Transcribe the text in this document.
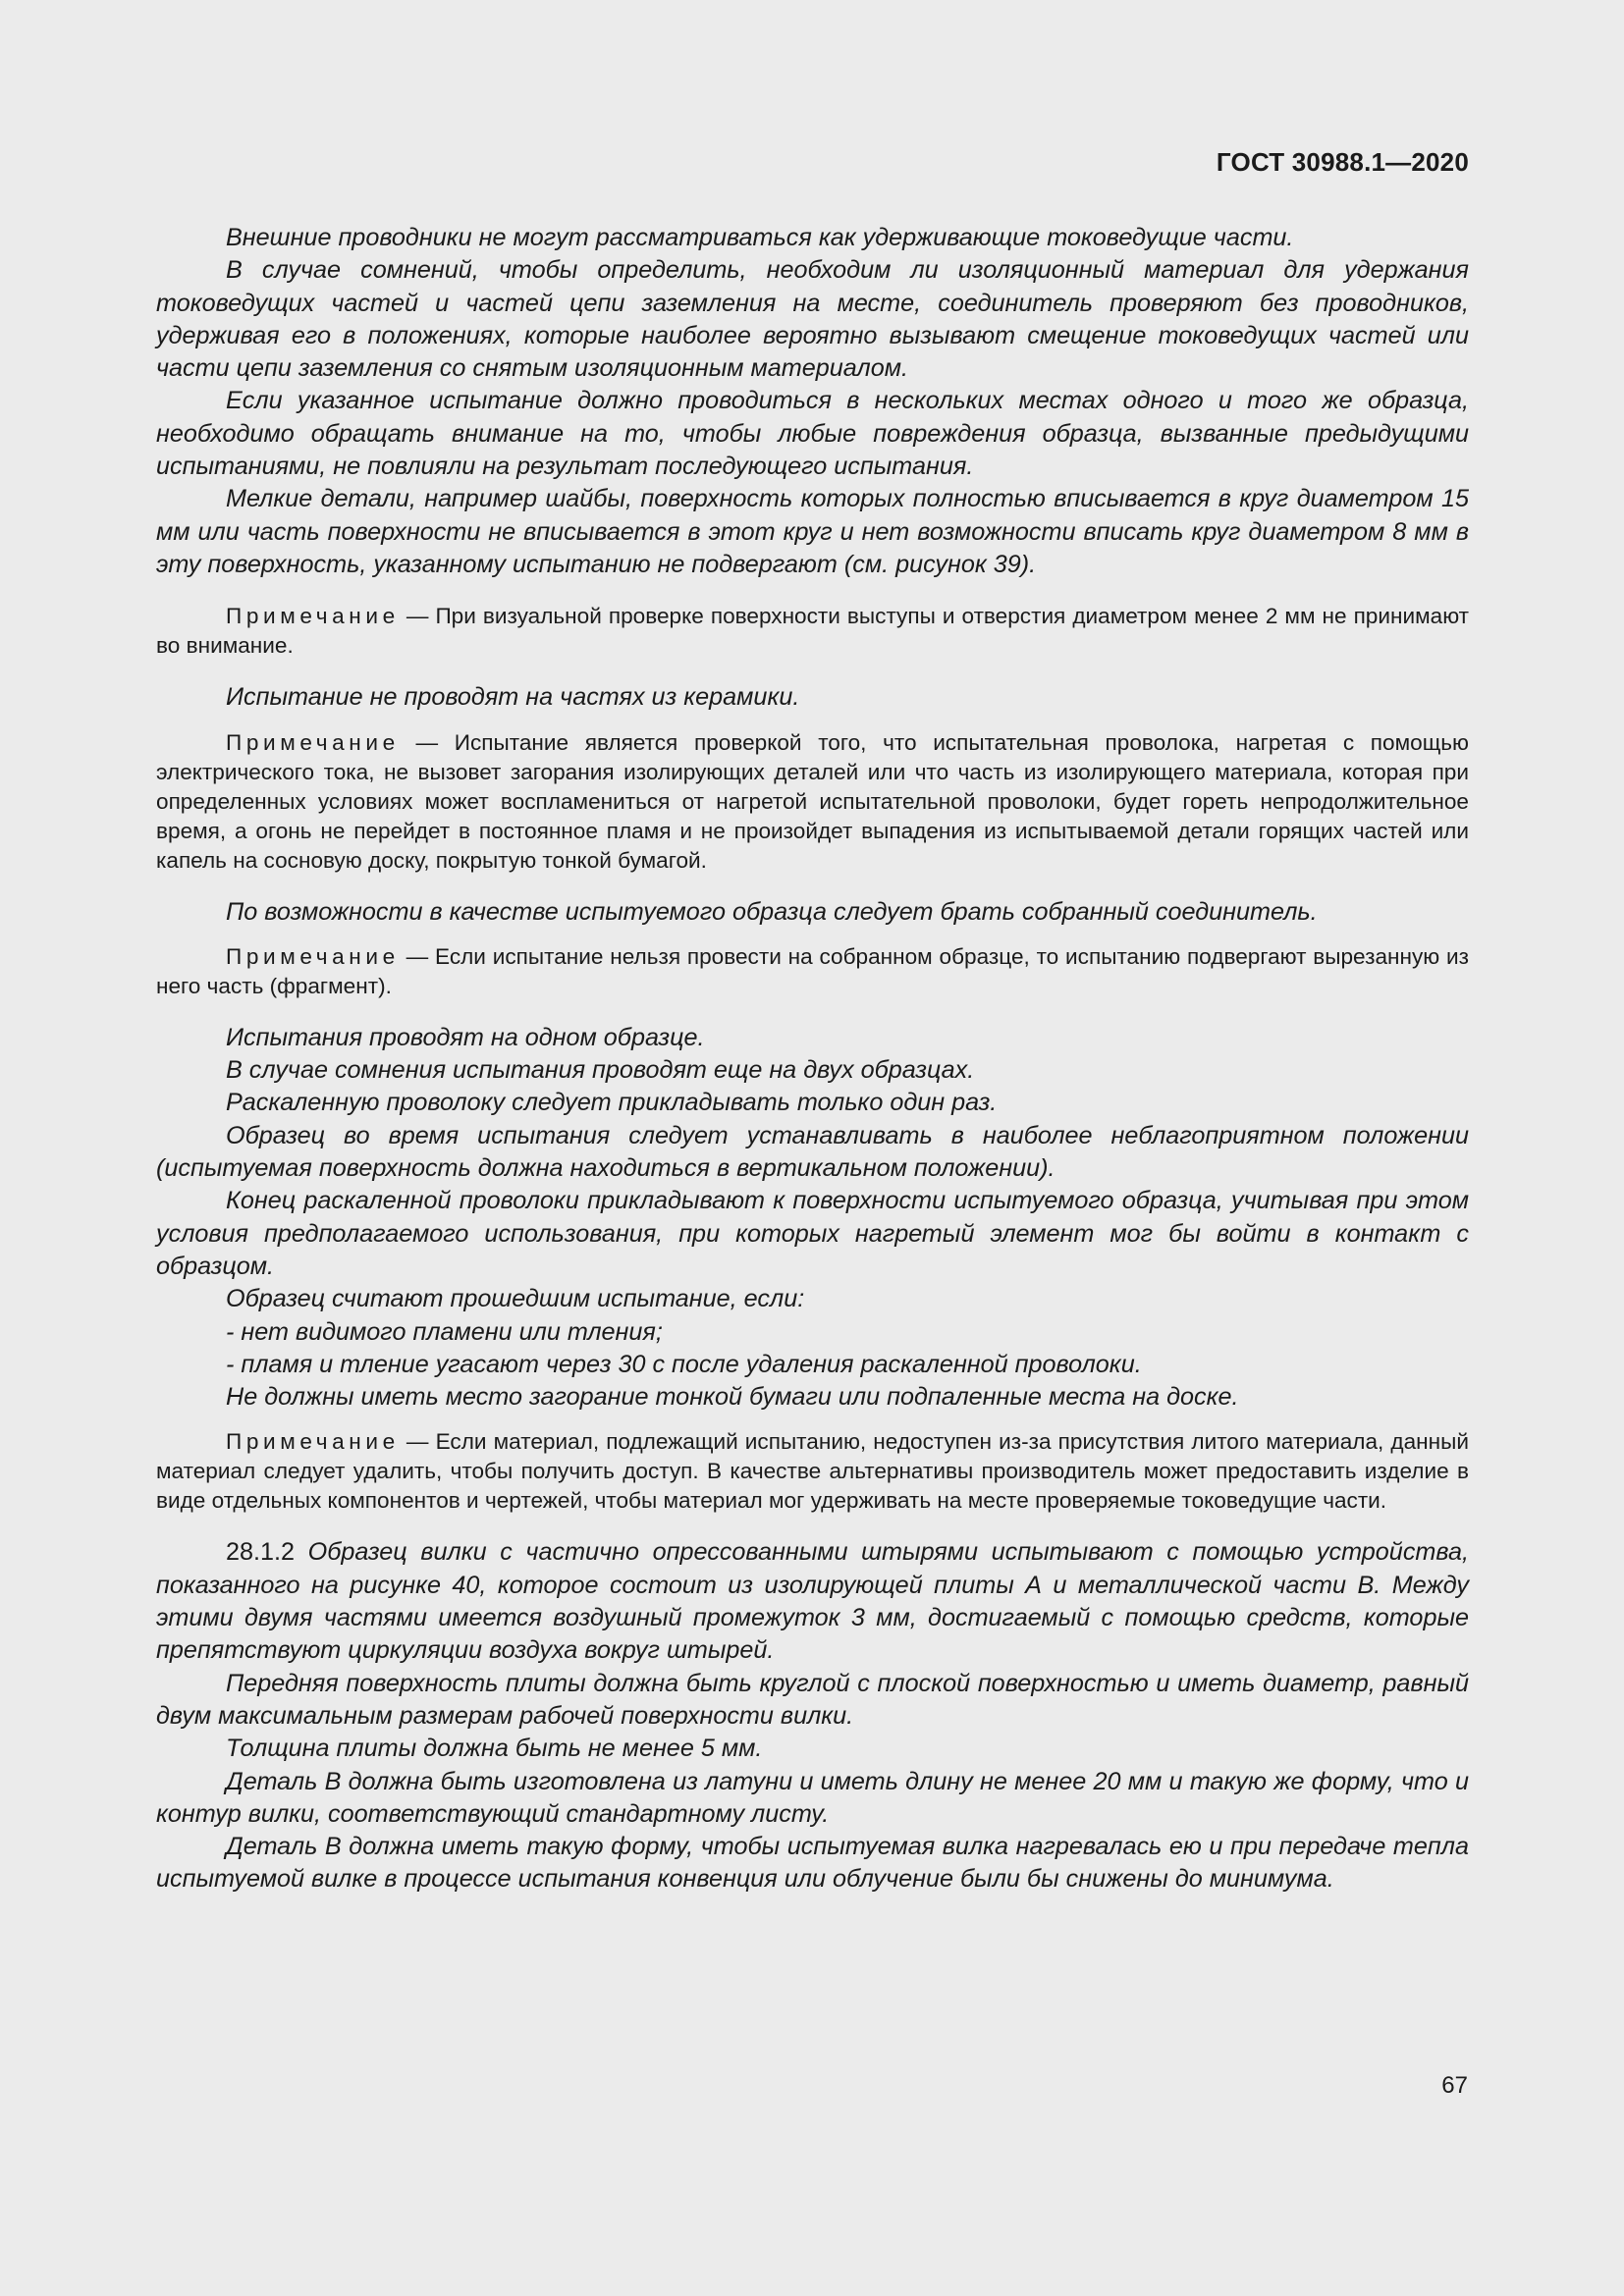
ГОСТ 30988.1—2020

Внешние проводники не могут рассматриваться как удерживающие токоведущие части.

В случае сомнений, чтобы определить, необходим ли изоляционный материал для удержания токоведущих частей и частей цепи заземления на месте, соединитель проверяют без проводников, удерживая его в положениях, которые наиболее вероятно вызывают смещение токоведущих частей или части цепи заземления со снятым изоляционным материалом.

Если указанное испытание должно проводиться в нескольких местах одного и того же образца, необходимо обращать внимание на то, чтобы любые повреждения образца, вызванные предыдущими испытаниями, не повлияли на результат последующего испытания.

Мелкие детали, например шайбы, поверхность которых полностью вписывается в круг диаметром 15 мм или часть поверхности не вписывается в этот круг и нет возможности вписать круг диаметром 8 мм в эту поверхность, указанному испытанию не подвергают (см. рисунок 39).

Примечание — При визуальной проверке поверхности выступы и отверстия диаметром менее 2 мм не принимают во внимание.

Испытание не проводят на частях из керамики.

Примечание — Испытание является проверкой того, что испытательная проволока, нагретая с помощью электрического тока, не вызовет загорания изолирующих деталей или что часть из изолирующего материала, которая при определенных условиях может воспламениться от нагретой испытательной проволоки, будет гореть непродолжительное время, а огонь не перейдет в постоянное пламя и не произойдет выпадения из испытываемой детали горящих частей или капель на сосновую доску, покрытую тонкой бумагой.

По возможности в качестве испытуемого образца следует брать собранный соединитель.

Примечание — Если испытание нельзя провести на собранном образце, то испытанию подвергают вырезанную из него часть (фрагмент).

Испытания проводят на одном образце.

В случае сомнения испытания проводят еще на двух образцах.

Раскаленную проволоку следует прикладывать только один раз.

Образец во время испытания следует устанавливать в наиболее неблагоприятном положении (испытуемая поверхность должна находиться в вертикальном положении).

Конец раскаленной проволоки прикладывают к поверхности испытуемого образца, учитывая при этом условия предполагаемого использования, при которых нагретый элемент мог бы войти в контакт с образцом.

Образец считают прошедшим испытание, если:

- нет видимого пламени или тления;

- пламя и тление угасают через 30 с после удаления раскаленной проволоки.

Не должны иметь место загорание тонкой бумаги или подпаленные места на доске.

Примечание — Если материал, подлежащий испытанию, недоступен из-за присутствия литого материала, данный материал следует удалить, чтобы получить доступ. В качестве альтернативы производитель может предоставить изделие в виде отдельных компонентов и чертежей, чтобы материал мог удерживать на месте проверяемые токоведущие части.

28.1.2 Образец вилки с частично опрессованными штырями испытывают с помощью устройства, показанного на рисунке 40, которое состоит из изолирующей плиты А и металлической части В. Между этими двумя частями имеется воздушный промежуток 3 мм, достигаемый с помощью средств, которые препятствуют циркуляции воздуха вокруг штырей.

Передняя поверхность плиты должна быть круглой с плоской поверхностью и иметь диаметр, равный двум максимальным размерам рабочей поверхности вилки.

Толщина плиты должна быть не менее 5 мм.

Деталь В должна быть изготовлена из латуни и иметь длину не менее 20 мм и такую же форму, что и контур вилки, соответствующий стандартному листу.

Деталь В должна иметь такую форму, чтобы испытуемая вилка нагревалась ею и при передаче тепла испытуемой вилке в процессе испытания конвенция или облучение были бы снижены до минимума.

67
